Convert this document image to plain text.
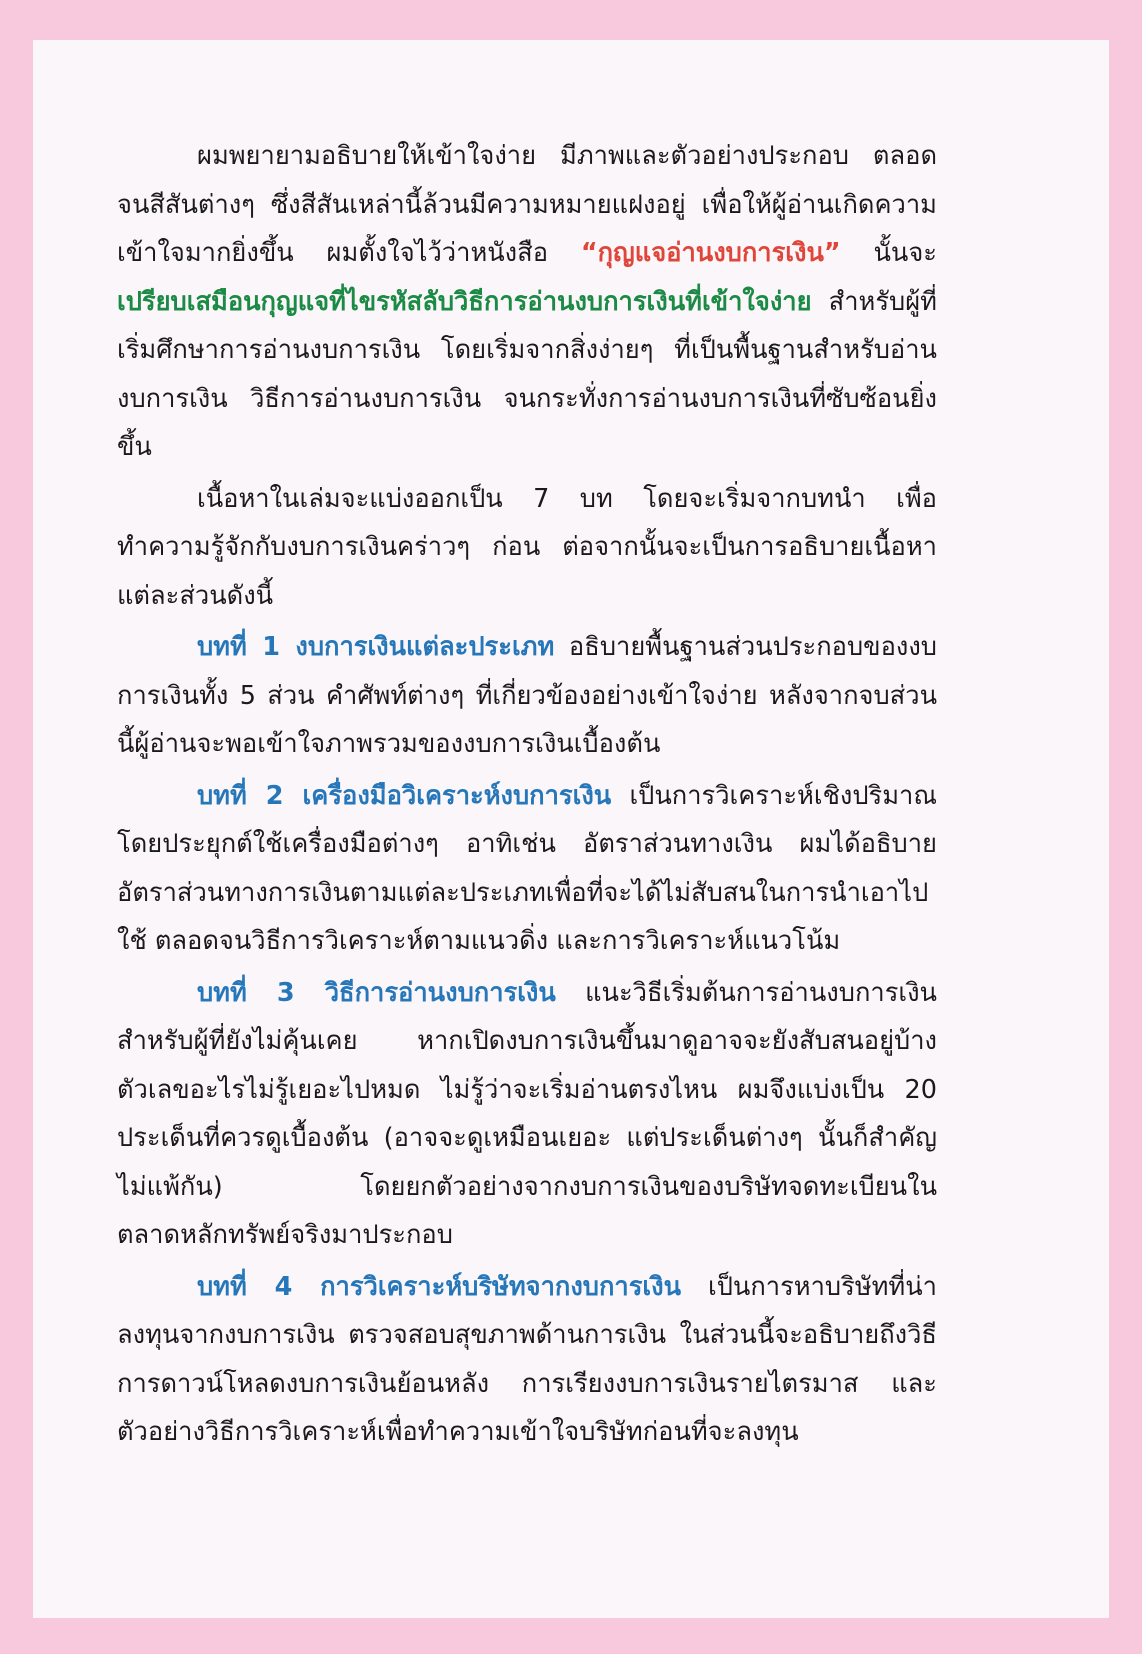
ผมพยายามอธิบายให้เข้าใจง่าย มีภาพและตัวอย่างประกอบ ตลอดจนสีสันต่างๆ ซึ่งสีสันเหล่านี้ล้วนมีความหมายแฝงอยู่ เพื่อให้ผู้อ่านเกิดความเข้าใจมากยิ่งขึ้น ผมตั้งใจไว้ว่าหนังสือ “กุญแจอ่านงบการเงิน” นั้นจะ เปรียบเสมือนกุญแจที่ไขรหัสลับวิธีการอ่านงบการเงินที่เข้าใจง่าย สำหรับผู้ที่เริ่มศึกษาการอ่านงบการเงิน โดยเริ่มจากสิ่งง่ายๆ ที่เป็นพื้นฐานสำหรับอ่านงบการเงิน วิธีการอ่านงบการเงิน จนกระทั่งการอ่านงบการเงินที่ซับซ้อนยิ่งขึ้น

เนื้อหาในเล่มจะแบ่งออกเป็น 7 บท โดยจะเริ่มจากบทนำ เพื่อทำความรู้จักกับงบการเงินคร่าวๆ ก่อน ต่อจากนั้นจะเป็นการอธิบายเนื้อหาแต่ละส่วนดังนี้

บทที่ 1 งบการเงินแต่ละประเภท อธิบายพื้นฐานส่วนประกอบของงบการเงินทั้ง 5 ส่วน คำศัพท์ต่างๆ ที่เกี่ยวข้องอย่างเข้าใจง่าย หลังจากจบส่วนนี้ผู้อ่านจะพอเข้าใจภาพรวมของงบการเงินเบื้องต้น

บทที่ 2 เครื่องมือวิเคราะห์งบการเงิน เป็นการวิเคราะห์เชิงปริมาณโดยประยุกต์ใช้เครื่องมือต่างๆ อาทิเช่น อัตราส่วนทางเงิน ผมได้อธิบายอัตราส่วนทางการเงินตามแต่ละประเภทเพื่อที่จะได้ไม่สับสนในการนำเอาไปใช้ ตลอดจนวิธีการวิเคราะห์ตามแนวดิ่ง และการวิเคราะห์แนวโน้ม

บทที่ 3 วิธีการอ่านงบการเงิน แนะวิธีเริ่มต้นการอ่านงบการเงินสำหรับผู้ที่ยังไม่คุ้นเคย หากเปิดงบการเงินขึ้นมาดูอาจจะยังสับสนอยู่บ้าง ตัวเลขอะไรไม่รู้เยอะไปหมด ไม่รู้ว่าจะเริ่มอ่านตรงไหน ผมจึงแบ่งเป็น 20 ประเด็นที่ควรดูเบื้องต้น (อาจจะดูเหมือนเยอะ แต่ประเด็นต่างๆ นั้นก็สำคัญไม่แพ้กัน) โดยยกตัวอย่างจากงบการเงินของบริษัทจดทะเบียนในตลาดหลักทรัพย์จริงมาประกอบ

บทที่ 4 การวิเคราะห์บริษัทจากงบการเงิน เป็นการหาบริษัทที่น่าลงทุนจากงบการเงิน ตรวจสอบสุขภาพด้านการเงิน ในส่วนนี้จะอธิบายถึงวิธีการดาวน์โหลดงบการเงินย้อนหลัง การเรียงงบการเงินรายไตรมาส และตัวอย่างวิธีการวิเคราะห์เพื่อทำความเข้าใจบริษัทก่อนที่จะลงทุน
